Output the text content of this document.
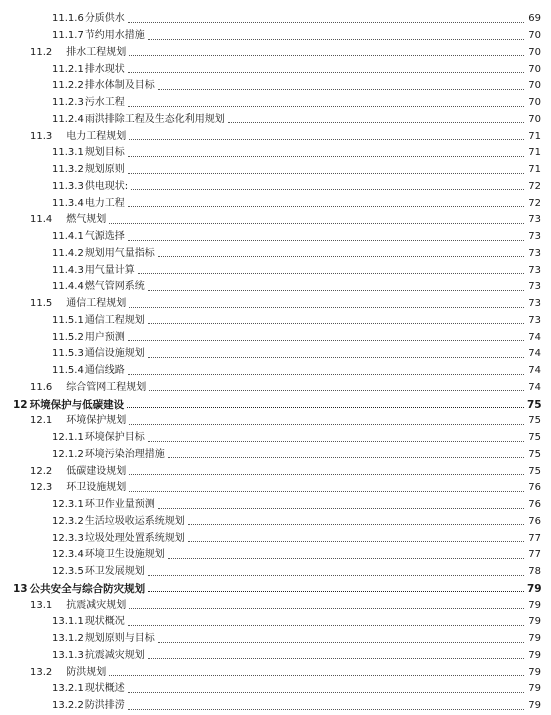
11.1.6 分质供水	69
11.1.7 节约用水措施	70
11.2 排水工程规划	70
11.2.1 排水现状	70
11.2.2 排水体制及目标	70
11.2.3 污水工程	70
11.2.4 雨洪排除工程及生态化利用规划	70
11.3 电力工程规划	71
11.3.1 规划目标	71
11.3.2 规划原则	71
11.3.3 供电现状:	72
11.3.4 电力工程	72
11.4 燃气规划	73
11.4.1 气源选择	73
11.4.2 规划用气量指标	73
11.4.3 用气量计算	73
11.4.4 燃气管网系统	73
11.5 通信工程规划	73
11.5.1 通信工程规划	73
11.5.2 用户预测	74
11.5.3 通信设施规划	74
11.5.4 通信线路	74
11.6 综合管网工程规划	74
12 环境保护与低碳建设	75
12.1 环境保护规划	75
12.1.1 环境保护目标	75
12.1.2 环境污染治理措施	75
12.2 低碳建设规划	75
12.3 环卫设施规划	76
12.3.1 环卫作业量预测	76
12.3.2 生活垃圾收运系统规划	76
12.3.3 垃圾处理处置系统规划	77
12.3.4 环境卫生设施规划	77
12.3.5 环卫发展规划	78
13 公共安全与综合防灾规划	79
13.1 抗震减灾规划	79
13.1.1 现状概况	79
13.1.2 规划原则与目标	79
13.1.3 抗震减灾规划	79
13.2 防洪规划	79
13.2.1 现状概述	79
13.2.2 防洪排涝	79
